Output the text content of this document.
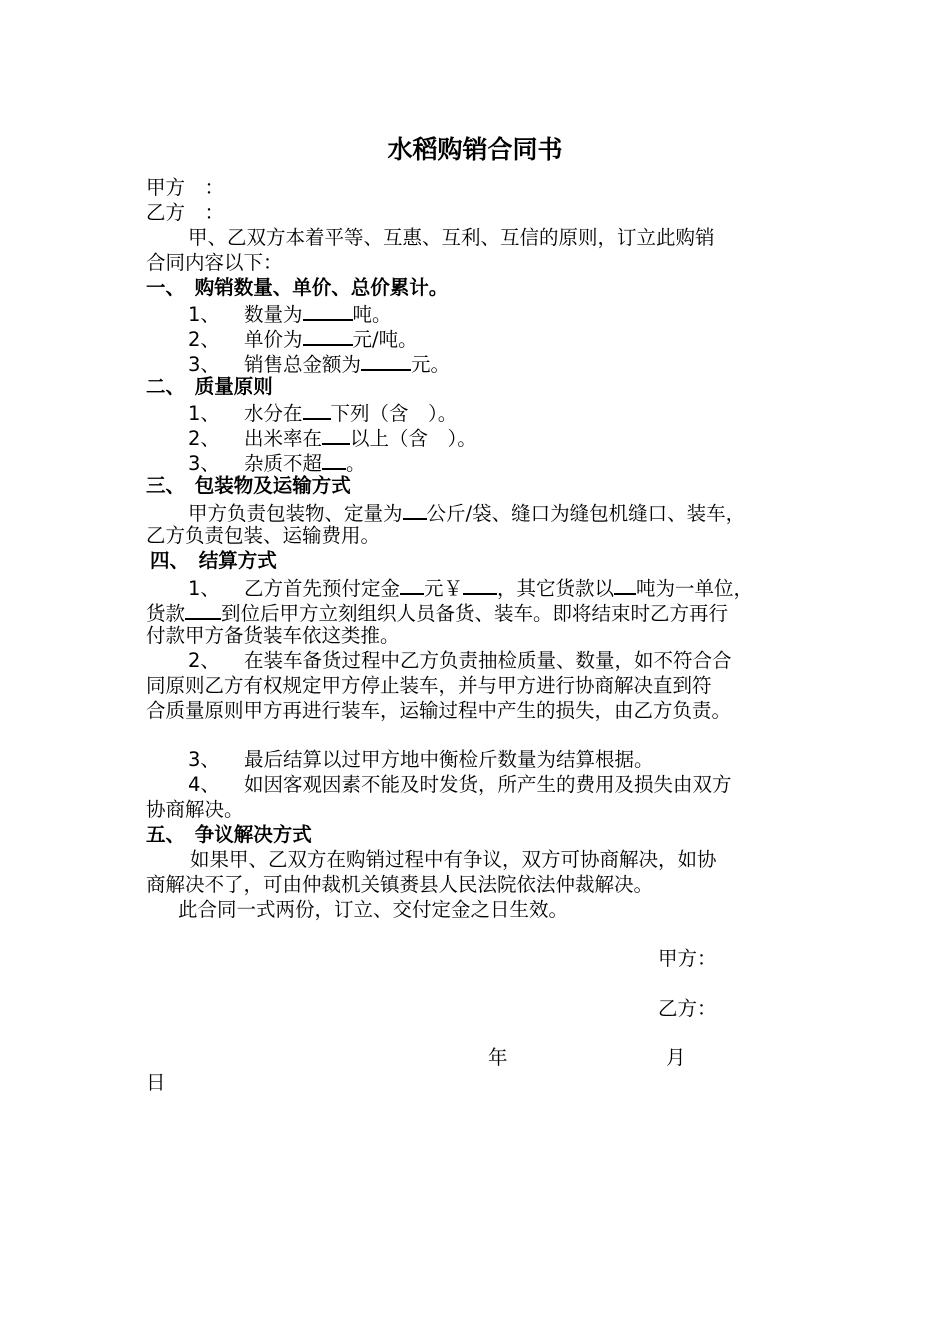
水稻购销合同书
甲方　：
乙方　：
甲、乙双方本着平等、互惠、互利、互信的原则，订立此购销
合同内容以下：
一、　购销数量、单价、总价累计。
1、 数量为	吨。
2、 单价为	元/吨。
3、 销售总金额为	元。
二、　质量原则
1、 水分在 下列（含　）。
2、 出米率在 以上（含　）。
3、 杂质不超 。
三、　包装物及运输方式
甲方负责包装物、定量为 公斤/袋、缝口为缝包机缝口、装车，
乙方负责包装、运输费用。
四、　结算方式
1、 乙方首先预付定金 元￥ ，其它货款以 吨为一单位，
货款 到位后甲方立刻组织人员备货、装车。即将结束时乙方再行
付款甲方备货装车依这类推。
2、 在装车备货过程中乙方负责抽检质量、数量，如不符合合
同原则乙方有权规定甲方停止装车，并与甲方进行协商解决直到符
合质量原则甲方再进行装车，运输过程中产生的损失，由乙方负责。
3、 最后结算以过甲方地中衡检斤数量为结算根据。
4、 如因客观因素不能及时发货，所产生的费用及损失由双方
协商解决。
五、　争议解决方式
如果甲、乙双方在购销过程中有争议，双方可协商解决，如协
商解决不了，可由仲裁机关镇赉县人民法院依法仲裁解决。
此合同一式两份，订立、交付定金之日生效。
甲方：
乙方：
年	月
日
